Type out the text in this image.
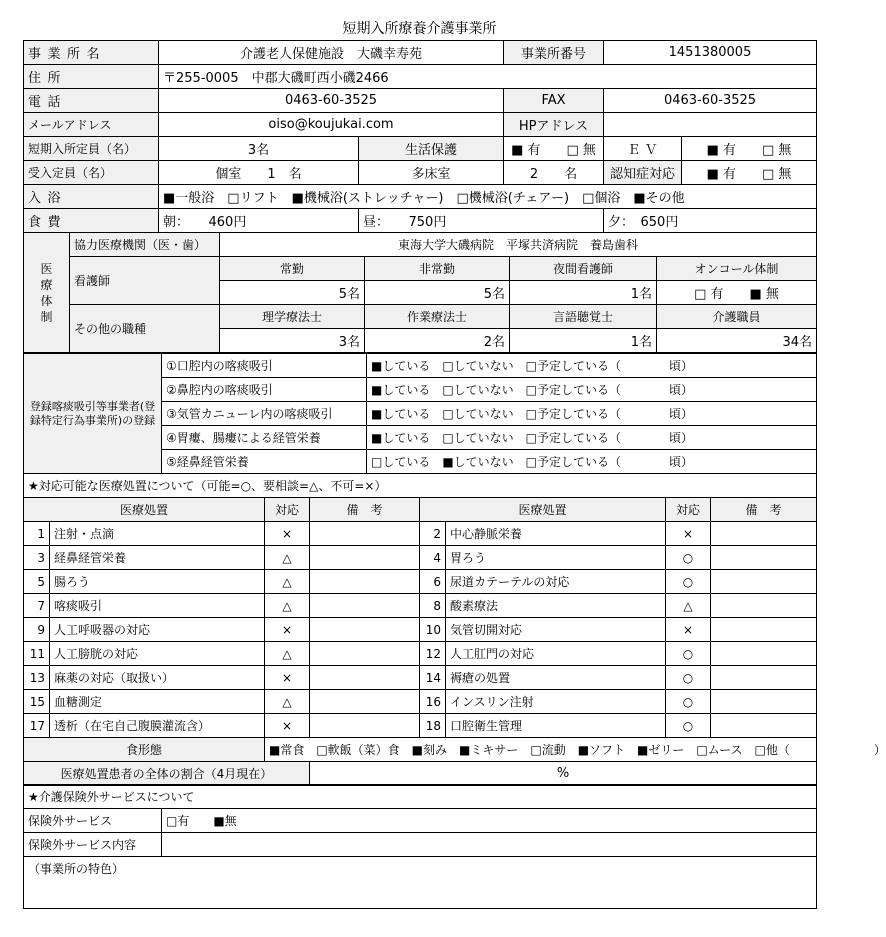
短期入所療養介護事業所
事業所名	介護老人保健施設　大磯幸寿苑		事業所番号	1451380005	
住所	〒255-0005　中郡大磯町西小磯2466				
電話	0463-60-3525		FAX	0463-60-3525	
メールアドレス	oiso@koujukai.com		HPアドレス		
短期入所定員（名）	3名	生活保護	■ 有　　□ 無	Ｅ Ｖ	■ 有　　□ 無
受入定員（名）	個室　　1　名	多床室	2　　名	認知症対応	■ 有　　□ 無
入浴	■一般浴　□リフト　■機械浴(ストレッチャー)　□機械浴(チェアー)　□個浴　■その他				
食費	朝：　　460円	昼：　　750円		夕：　650円	
医療体制	協力医療機関（医・歯）	東海大学大磯病院　平塚共済病院　養島歯科			
	看護師	常勤	非常勤	夜間看護師	オンコール体制
		5名	5名	1名	□ 有　　■ 無
	その他の職種	理学療法士	作業療法士	言語聴覚士	介護職員
		3名	2名	1名	34名
登録喀痰吸引等事業者(登録特定行為事業所)の登録	①口腔内の喀痰吸引	■している　□していない　□予定している（　　　　頃）
	②鼻腔内の喀痰吸引	■している　□していない　□予定している（　　　　頃）
	③気管カニューレ内の喀痰吸引	■している　□していない　□予定している（　　　　頃）
	④胃瘻、腸瘻による経管栄養	■している　□していない　□予定している（　　　　頃）
	⑤経鼻経管栄養	□している　■していない　□予定している（　　　　頃）
★対応可能な医療処置について（可能=○、要相談=△、不可=×）							
医療処置		対応	備　考	医療処置		対応	備　考
1	注射・点滴	×		2	中心静脈栄養	×	
3	経鼻経管栄養	△		4	胃ろう	○	
5	腸ろう	△		6	尿道カテーテルの対応	○	
7	喀痰吸引	△		8	酸素療法	△	
9	人工呼吸器の対応	×		10	気管切開対応	×	
11	人工膀胱の対応	△		12	人工肛門の対応	○	
13	麻薬の対応（取扱い）	×		14	褥瘡の処置	○	
15	血糖測定	△		16	インスリン注射	○	
17	透析（在宅自己腹膜灌流含）	×		18	口腔衛生管理	○	
食形態		■常食　□軟飯（菜）食　■刻み　■ミキサー　□流動　■ソフト　■ゼリー　□ムース　□他（　　　　　　　）					
医療処置患者の全体の割合（4月現在）			%				
★介護保険外サービスについて	
保険外サービス	□有　　■無
保険外サービス内容	
（事業所の特色）	
